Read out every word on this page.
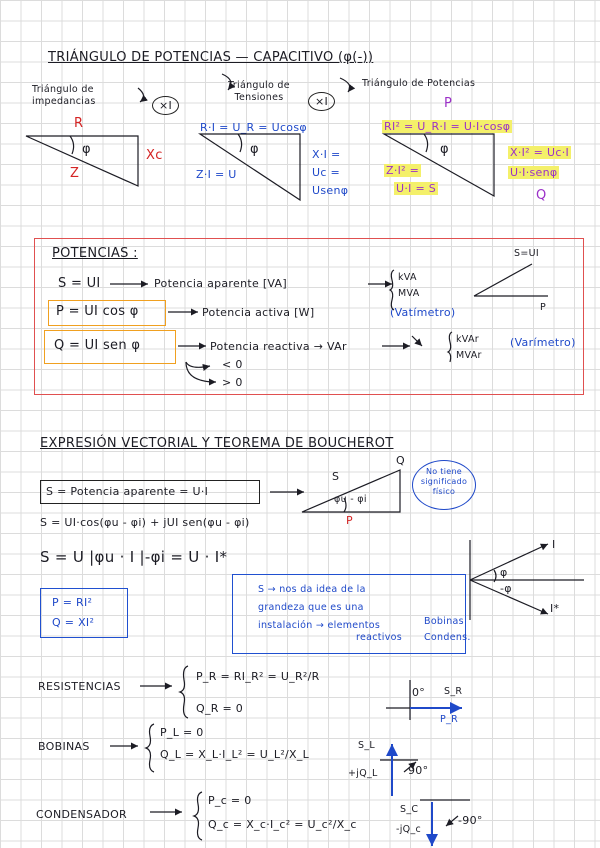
TRIÁNGULO DE POTENCIAS — CAPACITIVO (φ(-))
Triángulo de impedancias	×I
Triángulo de Tensiones	×I
Triángulo de Potencias
R
φ
Z
Xc
R·I = U_R = Ucosφ
φ
Z·I = U
X·I =
Uc =
Usenφ
P
RI² = U_R·I = U·I·cosφ
φ
Z·I² =
U·I = S
X·I² = Uc·I
U·I·senφ
Q
POTENCIAS :
S = UI	Potencia aparente [VA]	kVA
MVA
P = UI cos φ	Potencia activa [W]	(Vatímetro)
Q = UI sen φ	Potencia reactiva → VAr
kVAr
MVAr
(Varímetro)
< 0
> 0
S=UI
P
EXPRESIÓN VECTORIAL Y TEOREMA DE BOUCHEROT
S = Potencia aparente = U·I
S = UI·cos(φu - φi) + jUI sen(φu - φi)
S = U |φu · I |-φi = U · I*
S
Q
φu - φi
P
No tiene significado físico
P = RI²
Q = XI²
S → nos da idea de la
grandeza que es una
instalación → elementos
reactivos
Bobinas
Condens.
I
φ
-φ
I*
RESISTENCIAS
P_R = RI_R² = U_R²/R
Q_R = 0
0° S_R
P_R
BOBINAS
P_L = 0
Q_L = X_L·I_L² = U_L²/X_L
S_L
+jQ_L	90°
CONDENSADOR
P_c = 0
Q_c = X_c·I_c² = U_c²/X_c
S_C
-jQ_c
-90°
